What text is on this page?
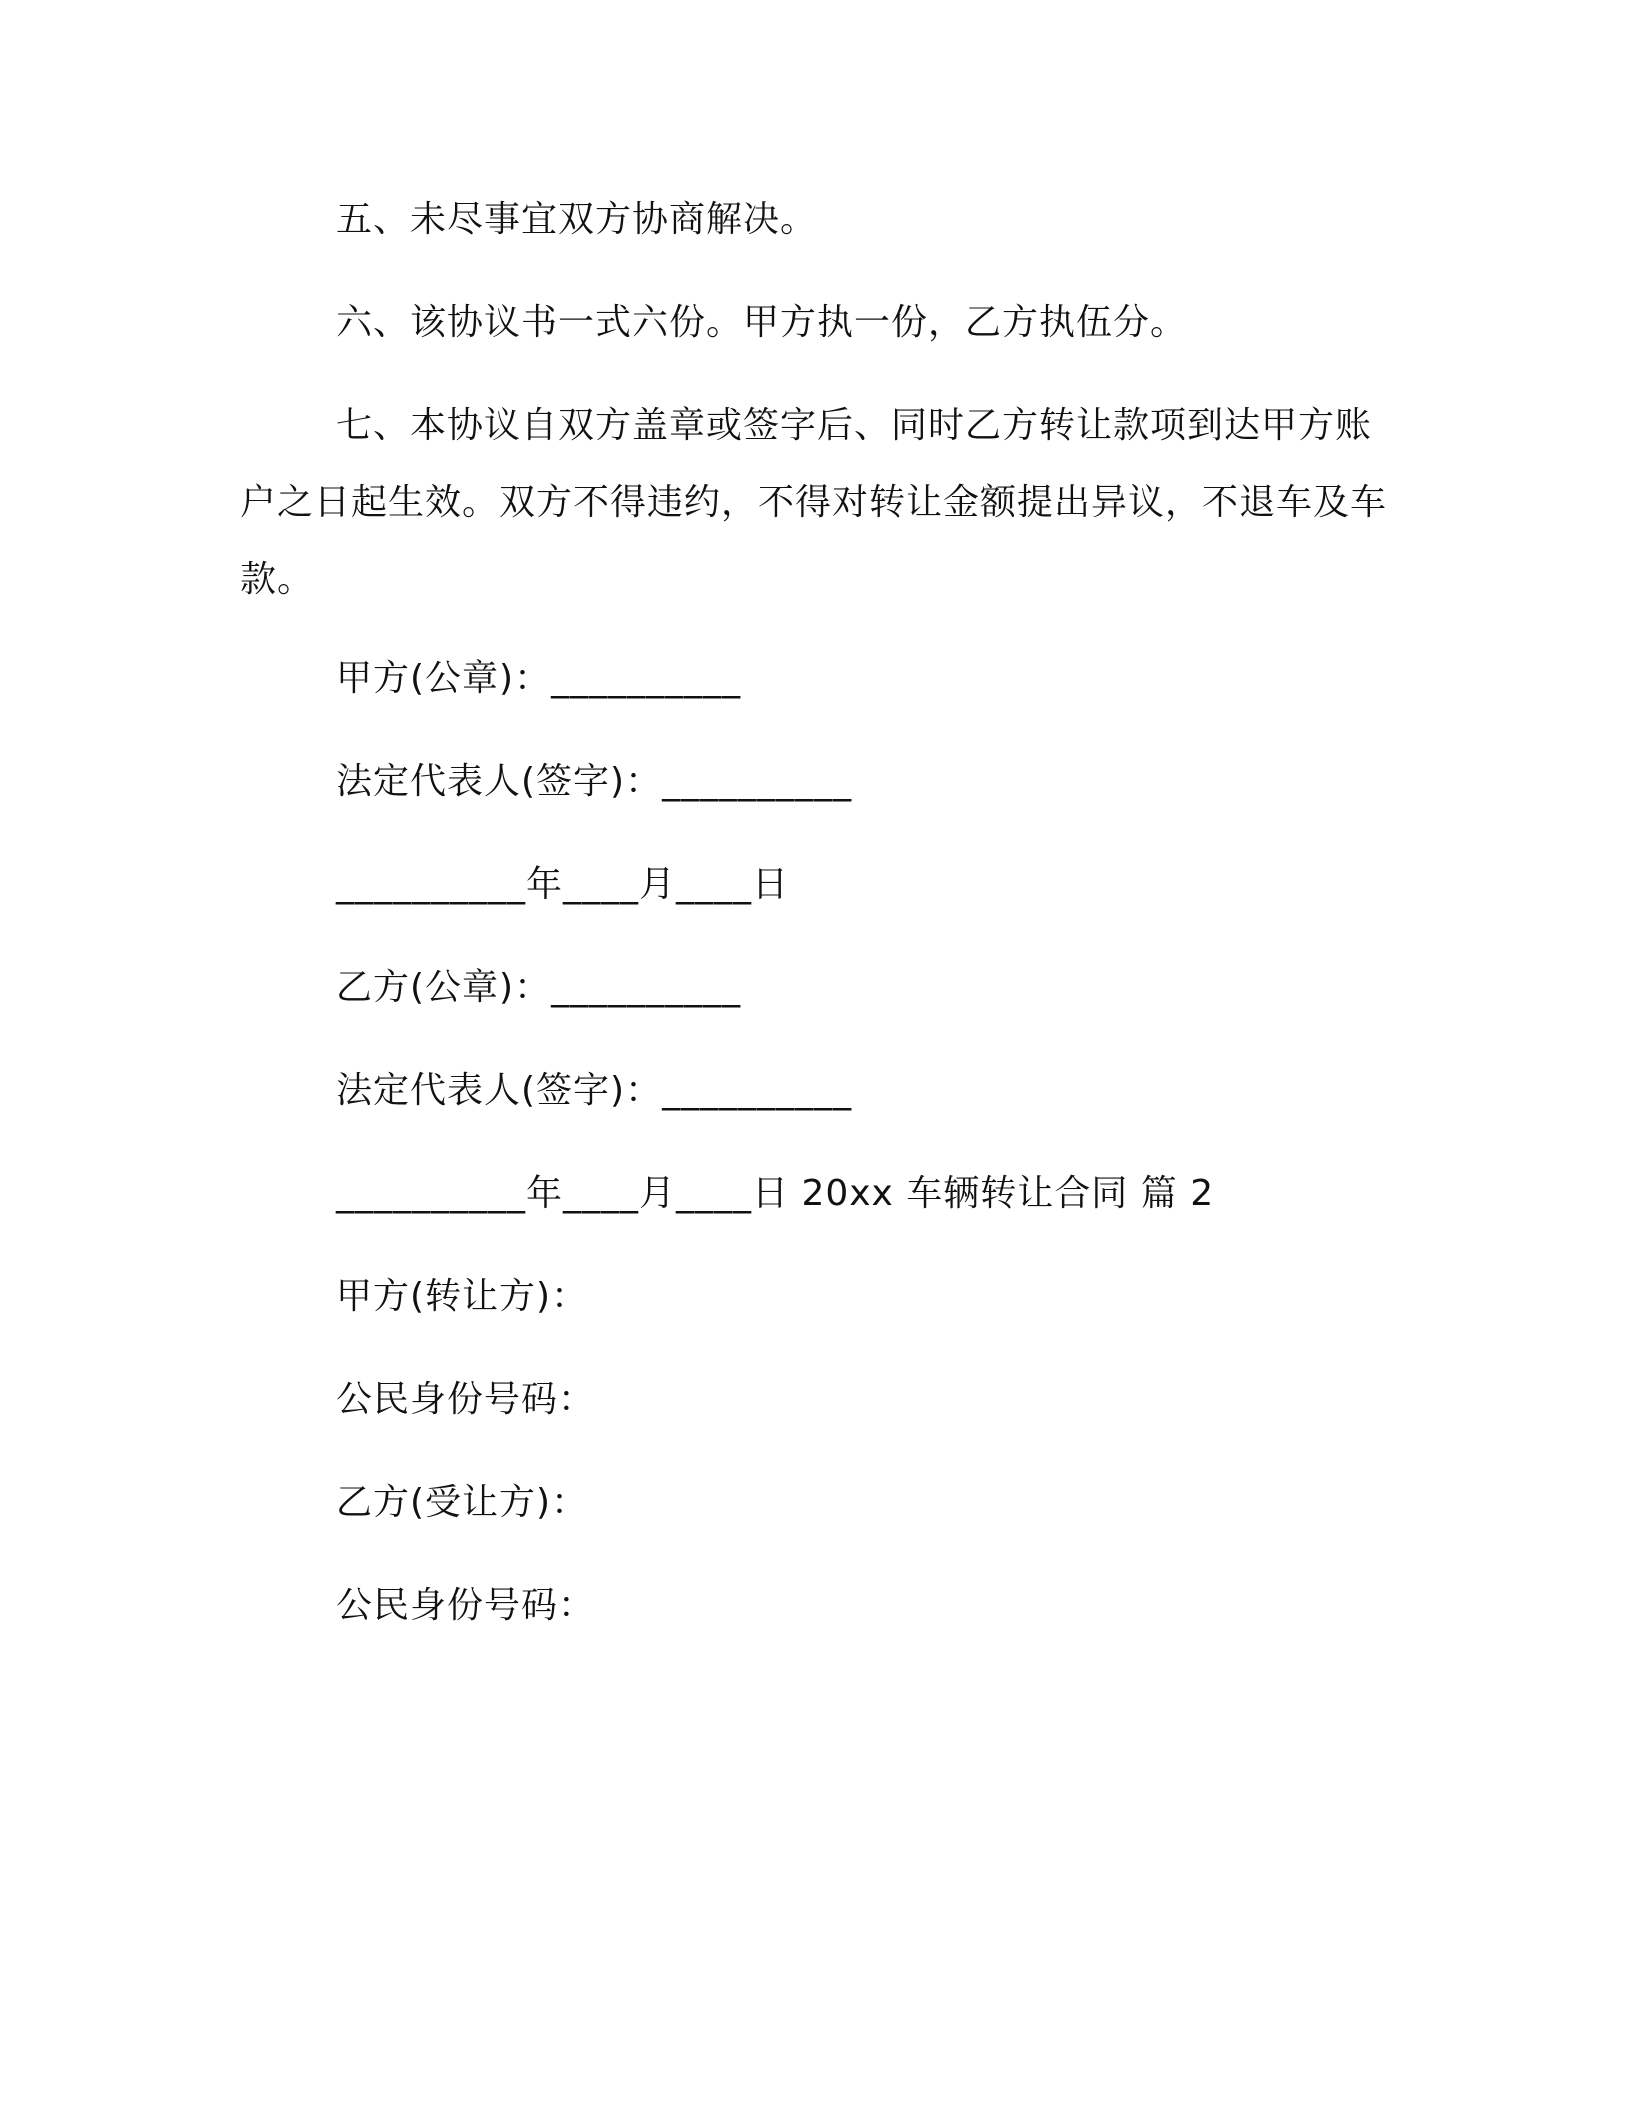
五、未尽事宜双方协商解决。
六、该协议书一式六份。甲方执一份，乙方执伍分。
七、本协议自双方盖章或签字后、同时乙方转让款项到达甲方账户之日起生效。双方不得违约，不得对转让金额提出异议，不退车及车款。
甲方(公章)：__________
法定代表人(签字)：__________
__________年____月____日
乙方(公章)：__________
法定代表人(签字)：__________
__________年____月____日 20xx 车辆转让合同 篇 2
甲方(转让方)：
公民身份号码：
乙方(受让方)：
公民身份号码：
